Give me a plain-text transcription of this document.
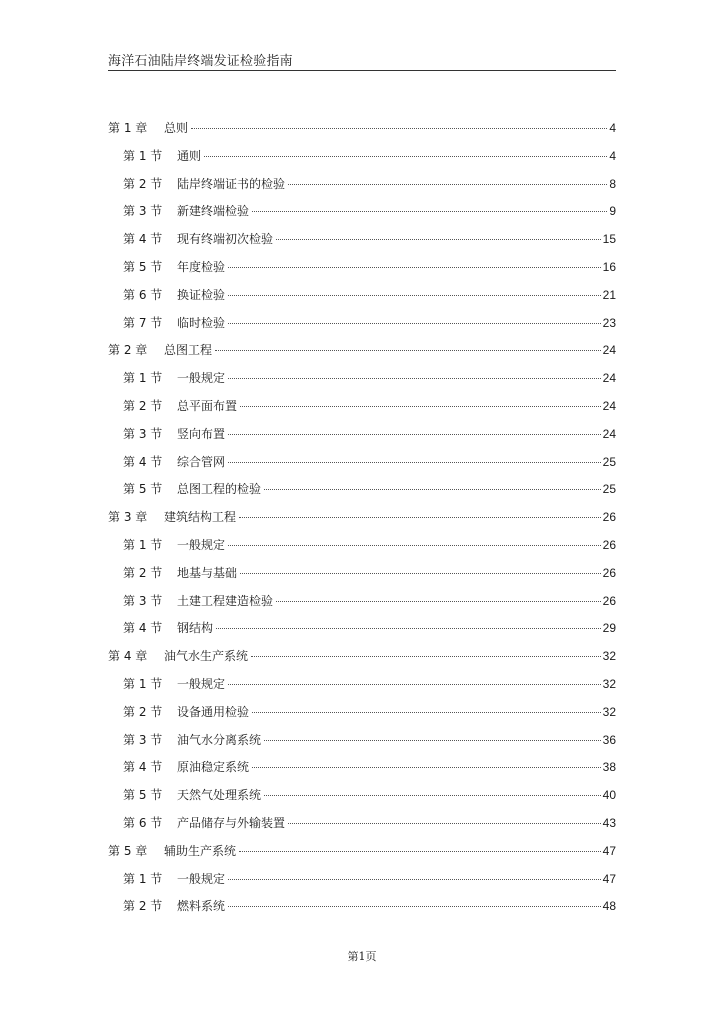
海洋石油陆岸终端发证检验指南
第 1 章	总则	4
第 1 节	通则	4
第 2 节	陆岸终端证书的检验	8
第 3 节	新建终端检验	9
第 4 节	现有终端初次检验	15
第 5 节	年度检验	16
第 6 节	换证检验	21
第 7 节	临时检验	23
第 2 章	总图工程	24
第 1 节	一般规定	24
第 2 节	总平面布置	24
第 3 节	竖向布置	24
第 4 节	综合管网	25
第 5 节	总图工程的检验	25
第 3 章	建筑结构工程	26
第 1 节	一般规定	26
第 2 节	地基与基础	26
第 3 节	土建工程建造检验	26
第 4 节	钢结构	29
第 4 章	油气水生产系统	32
第 1 节	一般规定	32
第 2 节	设备通用检验	32
第 3 节	油气水分离系统	36
第 4 节	原油稳定系统	38
第 5 节	天然气处理系统	40
第 6 节	产品储存与外输装置	43
第 5 章	辅助生产系统	47
第 1 节	一般规定	47
第 2 节	燃料系统	48
第1页
